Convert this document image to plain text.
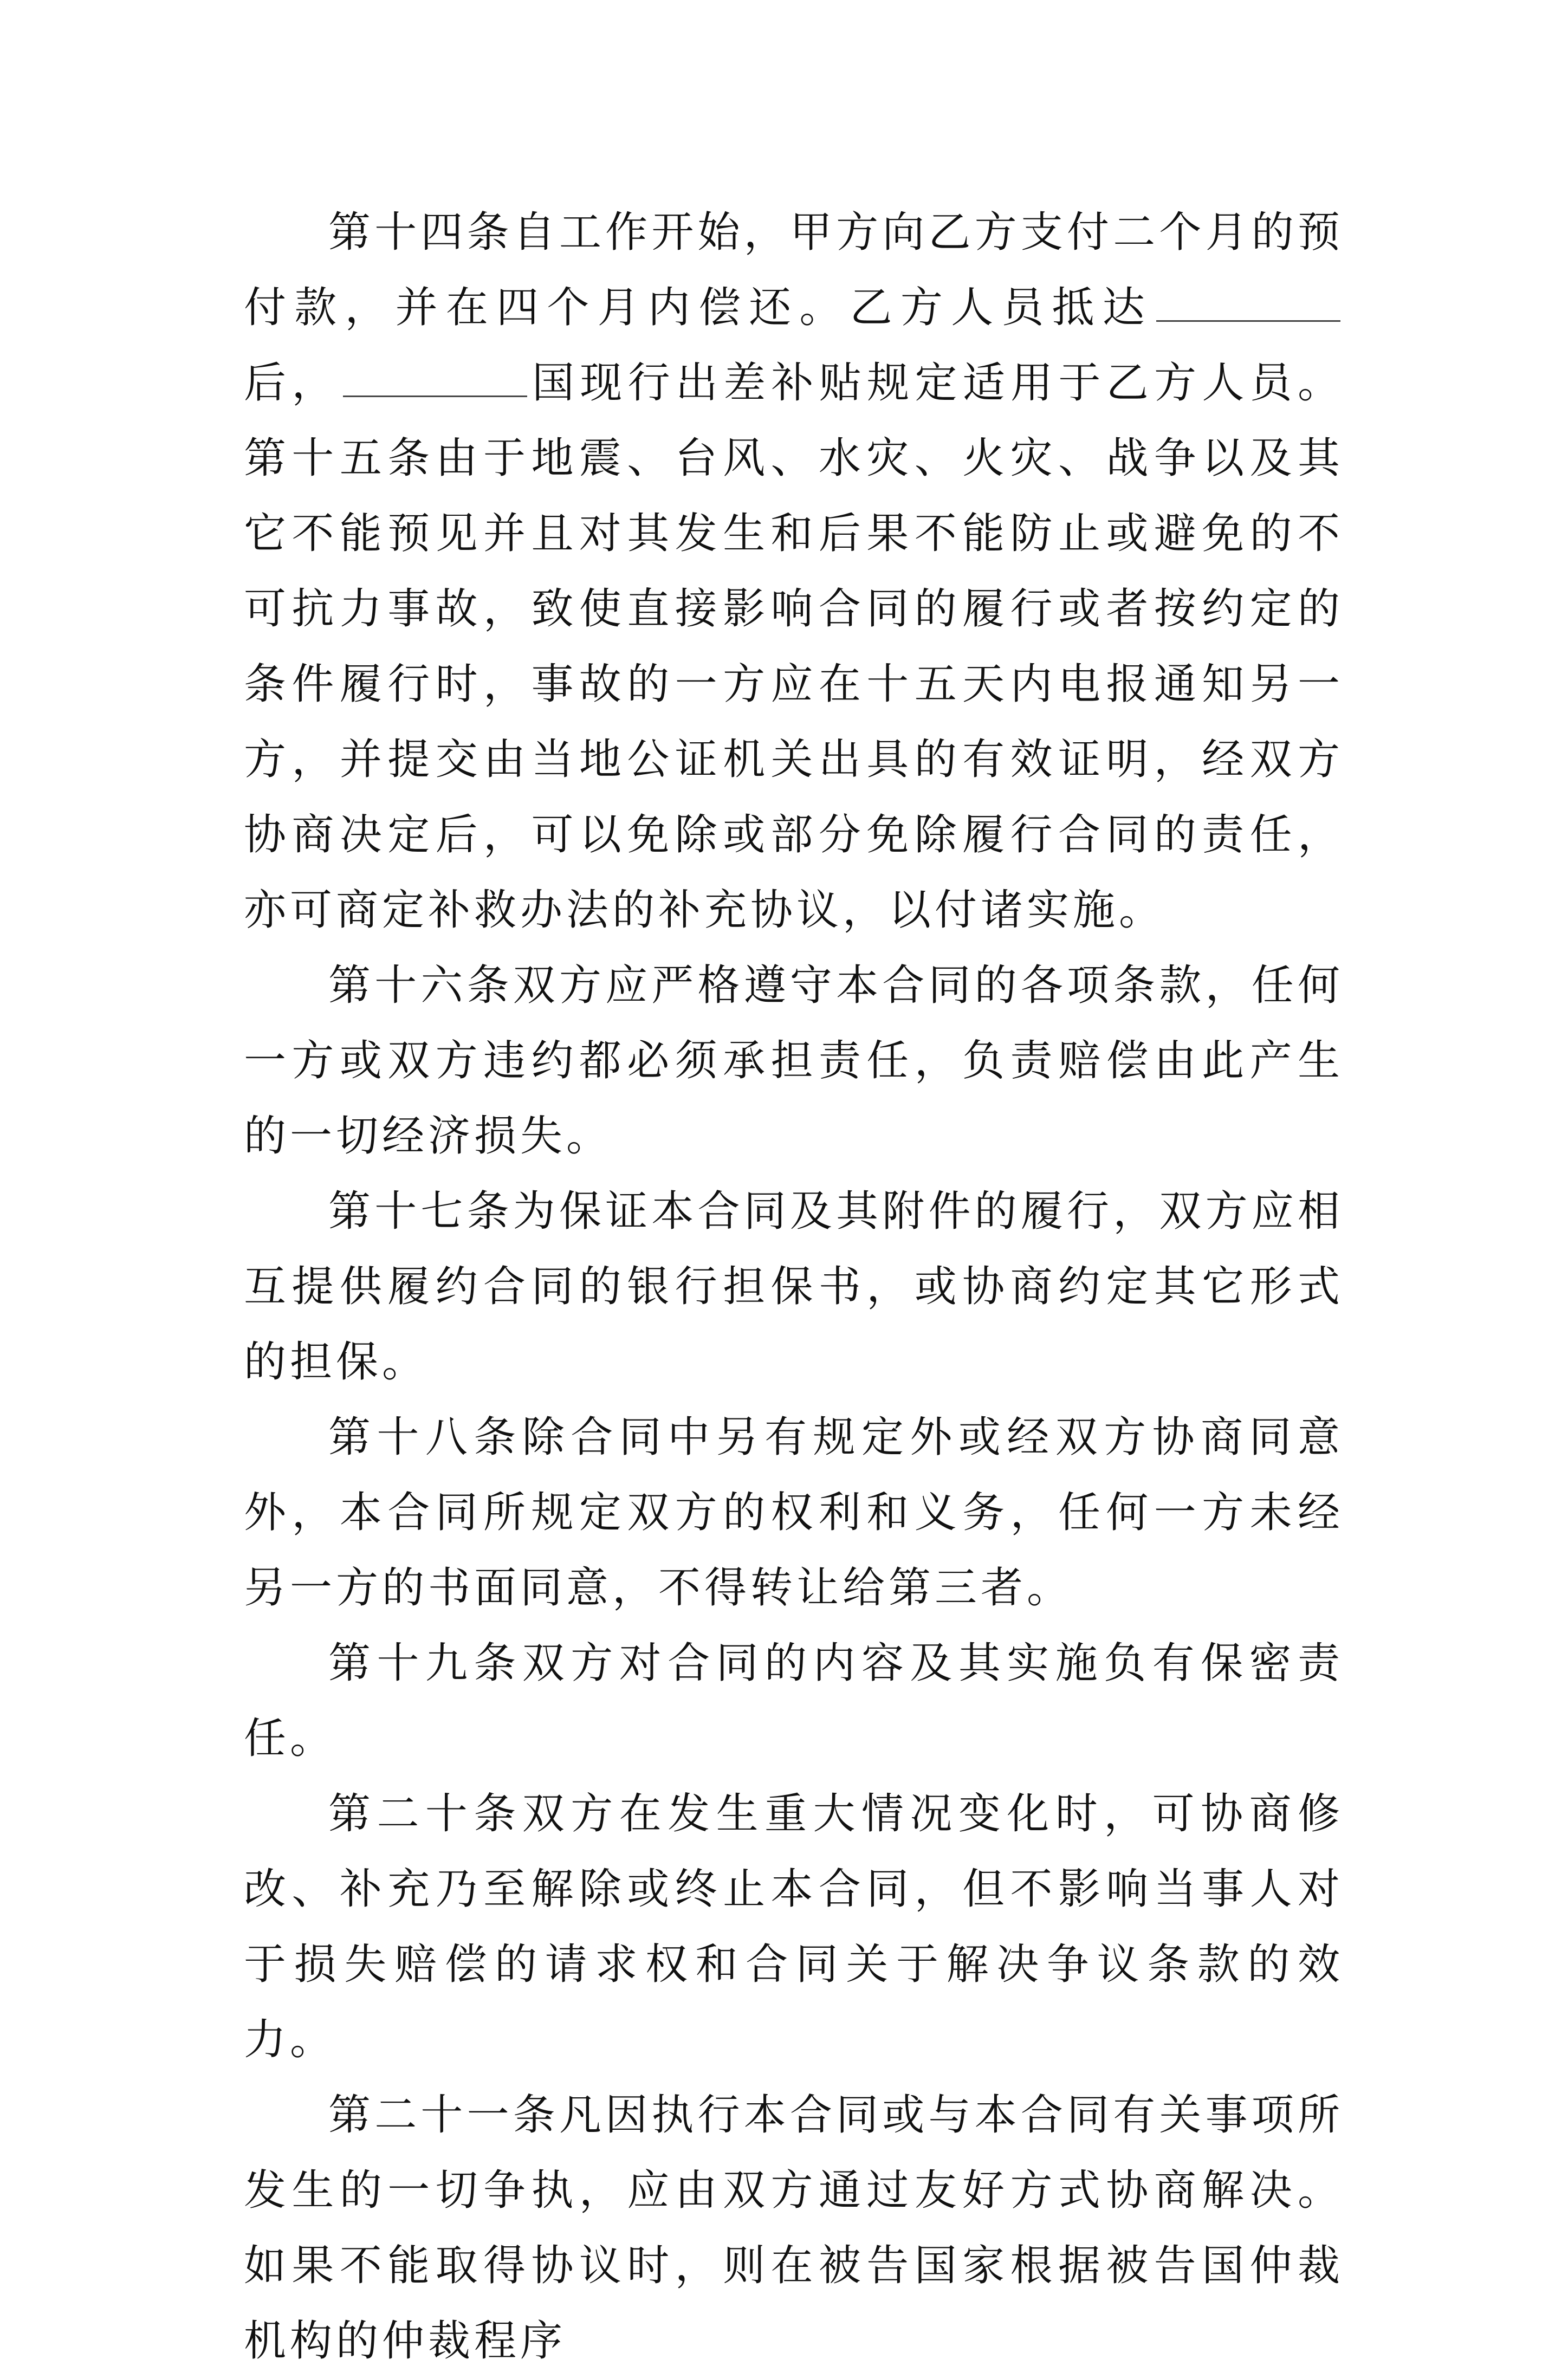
第十四条自工作开始，甲方向乙方支付二个月的预付款，并在四个月内偿还。乙方人员抵达后，	国现行出差补贴规定适用于乙方人员。第十五条由于地震、台风、水灾、火灾、战争以及其它不能预见并且对其发生和后果不能防止或避免的不可抗力事故，致使直接影响合同的履行或者按约定的条件履行时，事故的一方应在十五天内电报通知另一方，并提交由当地公证机关出具的有效证明，经双方协商决定后，可以免除或部分免除履行合同的责任，亦可商定补救办法的补充协议，以付诸实施。

第十六条双方应严格遵守本合同的各项条款，任何一方或双方违约都必须承担责任，负责赔偿由此产生的一切经济损失。

第十七条为保证本合同及其附件的履行，双方应相互提供履约合同的银行担保书，或协商约定其它形式的担保。

第十八条除合同中另有规定外或经双方协商同意外，本合同所规定双方的权利和义务，任何一方未经另一方的书面同意，不得转让给第三者。

第十九条双方对合同的内容及其实施负有保密责任。

第二十条双方在发生重大情况变化时，可协商修改、补充乃至解除或终止本合同，但不影响当事人对于损失赔偿的请求权和合同关于解决争议条款的效力。

第二十一条凡因执行本合同或与本合同有关事项所发生的一切争执，应由双方通过友好方式协商解决。如果不能取得协议时，则在被告国家根据被告国仲裁机构的仲裁程序
